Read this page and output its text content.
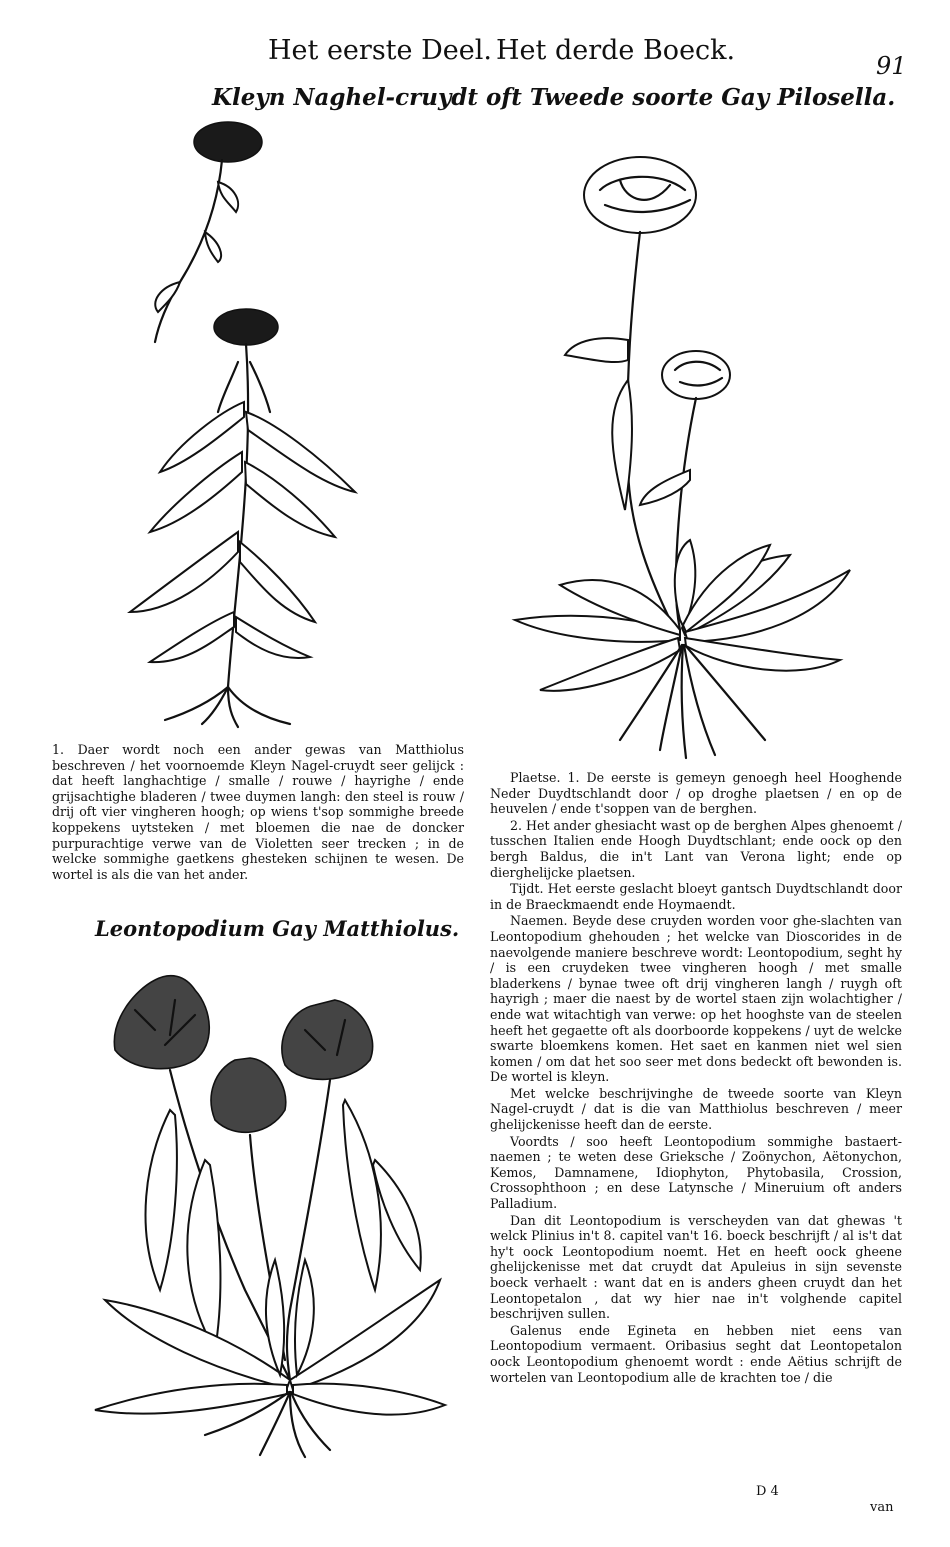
Het eerste Deel. Het derde Boeck.	91
Kleyn Naghel-cruydt oft Tweede soorte Gay Pilosella.
1. Daer wordt noch een ander gewas van Matthiolus beschreven / het voornoemde Kleyn Nagel-cruydt seer gelijck : dat heeft langhachtige / smalle / rouwe / hayrighe / ende grijsachtighe bladeren / twee duymen langh: den steel is rouw / drij oft vier vingheren hoogh; op wiens t'sop sommighe breede koppekens uytsteken / met bloemen die nae de doncker purpurachtige verwe van de Violetten seer trecken ; in de welcke sommighe gaetkens ghesteken schijnen te wesen. De wortel is als die van het ander.
Leontopodium Gay Matthiolus.

Plaetse. 1. De eerste is gemeyn genoegh heel Hooghende Neder Duydtschlandt door / op droghe plaetsen / en op de heuvelen / ende t'soppen van de berghen.

2. Het ander ghesiacht wast op de berghen Alpes ghenoemt / tusschen Italien ende Hoogh Duydtschlant; ende oock op den bergh Baldus, die in't Lant van Verona light; ende op dierghelijcke plaetsen.

Tijdt. Het eerste geslacht bloeyt gantsch Duydtschlandt door in de Braeckmaendt ende Hoymaendt.

Naemen. Beyde dese cruyden worden voor ghe-slachten van Leontopodium ghehouden ; het welcke van Dioscorides in de naevolgende maniere beschreve wordt: Leontopodium, seght hy / is een cruydeken twee vingheren hoogh / met smalle bladerkens / bynae twee oft drij vingheren langh / ruygh oft hayrigh ; maer die naest by de wortel staen zijn wolachtigher / ende wat witachtigh van verwe: op het hooghste van de steelen heeft het gegaette oft als doorboorde koppekens / uyt de welcke swarte bloemkens komen. Het saet en kanmen niet wel sien komen / om dat het soo seer met dons bedeckt oft bewonden is. De wortel is kleyn.

Met welcke beschrijvinghe de tweede soorte van Kleyn Nagel-cruydt / dat is die van Matthiolus beschreven / meer ghelijckenisse heeft dan de eerste.

Voordts / soo heeft Leontopodium sommighe bastaert-naemen ; te weten dese Grieksche / Zoönychon, Aëtonychon, Kemos, Damnamene, Idiophyton, Phytobasila, Crossion, Crossophthoon ; en dese Latynsche / Mineruium oft anders Palladium.

Dan dit Leontopodium is verscheyden van dat ghewas 't welck Plinius in't 8. capitel van't 16. boeck beschrijft / al is't dat hy't oock Leontopodium noemt. Het en heeft oock gheene ghelijckenisse met dat cruydt dat Apuleius in sijn sevenste boeck verhaelt : want dat en is anders gheen cruydt dan het Leontopetalon , dat wy hier nae in't volghende capitel beschrijven sullen.

Galenus ende Egineta en hebben niet eens van Leontopodium vermaent. Oribasius seght dat Leontopetalon oock Leontopodium ghenoemt wordt : ende Aëtius schrijft de wortelen van Leontopodium alle de krachten toe / die

D 4
van
